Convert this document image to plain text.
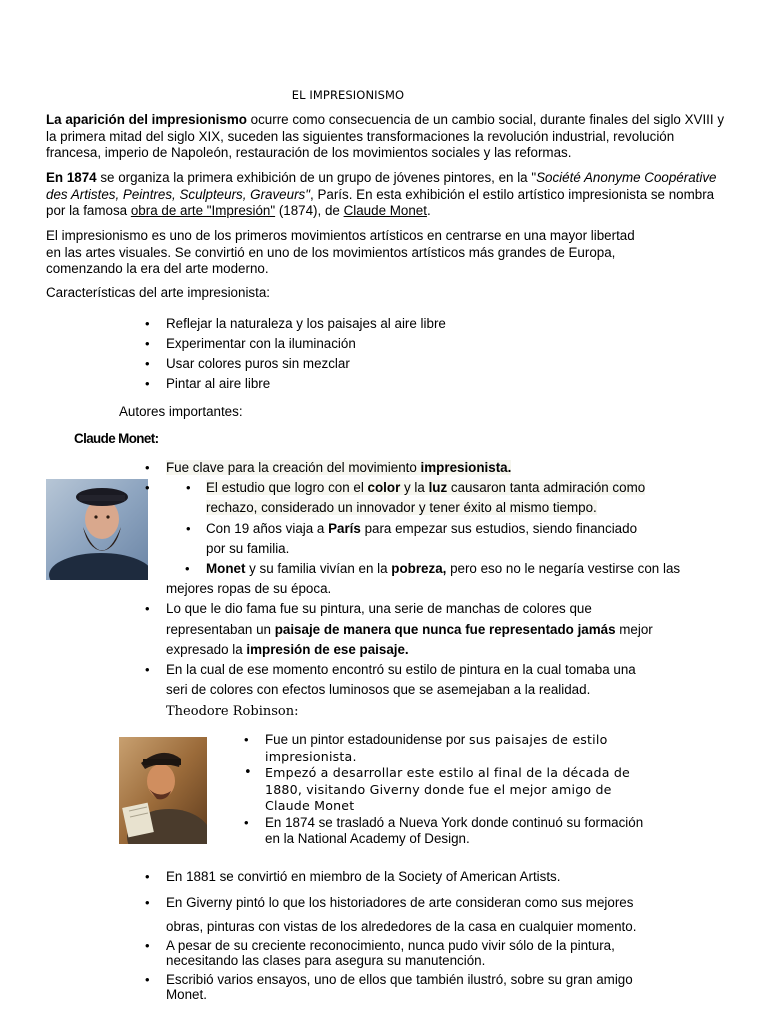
EL IMPRESIONISMO
La aparición del impresionismo ocurre como consecuencia de un cambio social, durante finales del siglo XVIII y la primera mitad del siglo XIX, suceden las siguientes transformaciones la revolución industrial, revolución francesa, imperio de Napoleón, restauración de los movimientos sociales y las reformas.
En 1874 se organiza la primera exhibición de un grupo de jóvenes pintores, en la "Société Anonyme Coopérative des Artistes, Peintres, Sculpteurs, Graveurs", París. En esta exhibición el estilo artístico impresionista se nombra por la famosa obra de arte "Impresión" (1874), de Claude Monet.
El impresionismo es uno de los primeros movimientos artísticos en centrarse en una mayor libertad
en las artes visuales. Se convirtió en uno de los movimientos artísticos más grandes de Europa,
comenzando la era del arte moderno.
Características del arte impresionista:
• Reflejar la naturaleza y los paisajes al aire libre
• Experimentar con la iluminación
• Usar colores puros sin mezclar
• Pintar al aire libre
Autores importantes:
Claude Monet:
• Fue clave para la creación del movimiento impresionista.
• • El estudio que logro con el color y la luz causaron tanta admiración como
rechazo, considerado un innovador y tener éxito al mismo tiempo.
• Con 19 años viaja a París para empezar sus estudios, siendo financiado
por su familia.
• Monet y su familia vivían en la pobreza, pero eso no le negaría vestirse con las
mejores ropas de su época.
• Lo que le dio fama fue su pintura, una serie de manchas de colores que
representaban un paisaje de manera que nunca fue representado jamás mejor
expresado la impresión de ese paisaje.
• En la cual de ese momento encontró su estilo de pintura en la cual tomaba una
seri de colores con efectos luminosos que se asemejaban a la realidad.
Theodore Robinson:
• Fue un pintor estadounidense por sus paisajes de estilo
impresionista.
• Empezó a desarrollar este estilo al final de la década de
1880, visitando Giverny donde fue el mejor amigo de
Claude Monet
• En 1874 se trasladó a Nueva York donde continuó su formación
en la National Academy of Design.
• En 1881 se convirtió en miembro de la Society of American Artists.
• En Giverny pintó lo que los historiadores de arte consideran como sus mejores
obras, pinturas con vistas de los alrededores de la casa en cualquier momento.
• A pesar de su creciente reconocimiento, nunca pudo vivir sólo de la pintura,
necesitando las clases para asegura su manutención.
• Escribió varios ensayos, uno de ellos que también ilustró, sobre su gran amigo
Monet.
